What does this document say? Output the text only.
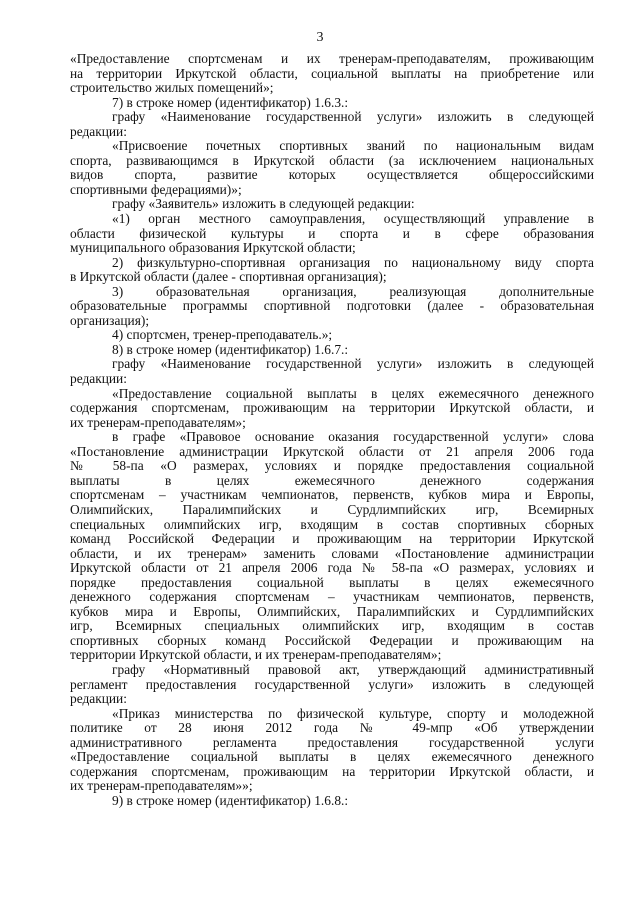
3
«Предоставление спортсменам и их тренерам-преподавателям, проживающим
на территории Иркутской области, социальной выплаты на приобретение или
строительство жилых помещений»;
7) в строке номер (идентификатор) 1.6.3.:
графу «Наименование государственной услуги» изложить в следующей
редакции:
«Присвоение почетных спортивных званий по национальным видам
спорта, развивающимся в Иркутской области (за исключением национальных
видов спорта, развитие которых осуществляется общероссийскими
спортивными федерациями)»;
графу «Заявитель» изложить в следующей редакции:
«1) орган местного самоуправления, осуществляющий управление в
области физической культуры и спорта и в сфере образования
муниципального образования Иркутской области;
2) физкультурно-спортивная организация по национальному виду спорта
в Иркутской области (далее - спортивная организация);
3) образовательная организация, реализующая дополнительные
образовательные программы спортивной подготовки (далее - образовательная
организация);
4) спортсмен, тренер-преподаватель.»;
8) в строке номер (идентификатор) 1.6.7.:
графу «Наименование государственной услуги» изложить в следующей
редакции:
«Предоставление социальной выплаты в целях ежемесячного денежного
содержания спортсменам, проживающим на территории Иркутской области, и
их тренерам-преподавателям»;
в графе «Правовое основание оказания государственной услуги» слова
«Постановление администрации Иркутской области от 21 апреля 2006 года
№ 58-па «О размерах, условиях и порядке предоставления социальной
выплаты в целях ежемесячного денежного содержания
спортсменам – участникам чемпионатов, первенств, кубков мира и Европы,
Олимпийских, Паралимпийских и Сурдлимпийских игр, Всемирных
специальных олимпийских игр, входящим в состав спортивных сборных
команд Российской Федерации и проживающим на территории Иркутской
области, и их тренерам» заменить словами «Постановление администрации
Иркутской области от 21 апреля 2006 года № 58-па «О размерах, условиях и
порядке предоставления социальной выплаты в целях ежемесячного
денежного содержания спортсменам – участникам чемпионатов, первенств,
кубков мира и Европы, Олимпийских, Паралимпийских и Сурдлимпийских
игр, Всемирных специальных олимпийских игр, входящим в состав
спортивных сборных команд Российской Федерации и проживающим на
территории Иркутской области, и их тренерам-преподавателям»;
графу «Нормативный правовой акт, утверждающий административный
регламент предоставления государственной услуги» изложить в следующей
редакции:
«Приказ министерства по физической культуре, спорту и молодежной
политике от 28 июня 2012 года № 49-мпр «Об утверждении
административного регламента предоставления государственной услуги
«Предоставление социальной выплаты в целях ежемесячного денежного
содержания спортсменам, проживающим на территории Иркутской области, и
их тренерам-преподавателям»»;
9) в строке номер (идентификатор) 1.6.8.:
